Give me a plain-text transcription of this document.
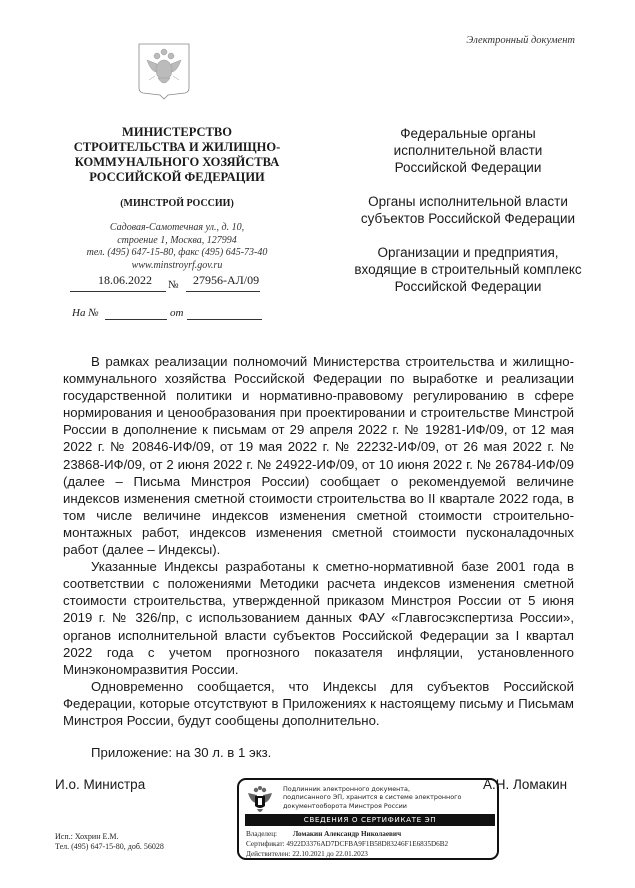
Электронный документ
МИНИСТЕРСТВО
СТРОИТЕЛЬСТВА И ЖИЛИЩНО-
КОММУНАЛЬНОГО ХОЗЯЙСТВА
РОССИЙСКОЙ ФЕДЕРАЦИИ
(МИНСТРОЙ РОССИИ)
Садовая-Самотечная ул., д. 10,
строение 1, Москва, 127994
тел. (495) 647-15-80, факс (495) 645-73-40
www.minstroyrf.gov.ru
18.06.2022 № 27956-АЛ/09
На №	от
Федеральные органы
исполнительной власти
Российской Федерации
Органы исполнительной власти
субъектов Российской Федерации
Организации и предприятия,
входящие в строительный комплекс
Российской Федерации

В рамках реализации полномочий Министерства строительства и жилищно-коммунального хозяйства Российской Федерации по выработке и реализации государственной политики и нормативно-правовому регулированию в сфере нормирования и ценообразования при проектировании и строительстве Минстрой России в дополнение к письмам от 29 апреля 2022 г. № 19281-ИФ/09, от 12 мая 2022 г. № 20846-ИФ/09, от 19 мая 2022 г. № 22232-ИФ/09, от 26 мая 2022 г. № 23868-ИФ/09, от 2 июня 2022 г. № 24922-ИФ/09, от 10 июня 2022 г. № 26784-ИФ/09 (далее – Письма Минстроя России) сообщает о рекомендуемой величине индексов изменения сметной стоимости строительства во II квартале 2022 года, в том числе величине индексов изменения сметной стоимости строительно-монтажных работ, индексов изменения сметной стоимости пусконаладочных работ (далее – Индексы).

Указанные Индексы разработаны к сметно-нормативной базе 2001 года в соответствии с положениями Методики расчета индексов изменения сметной стоимости строительства, утвержденной приказом Минстроя России от 5 июня 2019 г. № 326/пр, с использованием данных ФАУ «Главгосэкспертиза России», органов исполнительной власти субъектов Российской Федерации за I квартал 2022 года с учетом прогнозного показателя инфляции, установленного Минэкономразвития России.

Одновременно сообщается, что Индексы для субъектов Российской Федерации, которые отсутствуют в Приложениях к настоящему письму и Письмам Минстроя России, будут сообщены дополнительно.

Приложение: на 30 л. в 1 экз.
И.о. Министра	А.Н. Ломакин
Исп.: Хохрин Е.М.
Тел. (495) 647-15-80, доб. 56028
Подлинник электронного документа,
подписанного ЭП, хранится в системе электронного
документооборота Минстроя России
СВЕДЕНИЯ О СЕРТИФИКАТЕ ЭП
Владелец: Ломакин Александр Николаевич
Сертификат: 4922D3376AD7DCFBA9F1B58D83246F1E6835D6B2
Действителен: 22.10.2021 до 22.01.2023
